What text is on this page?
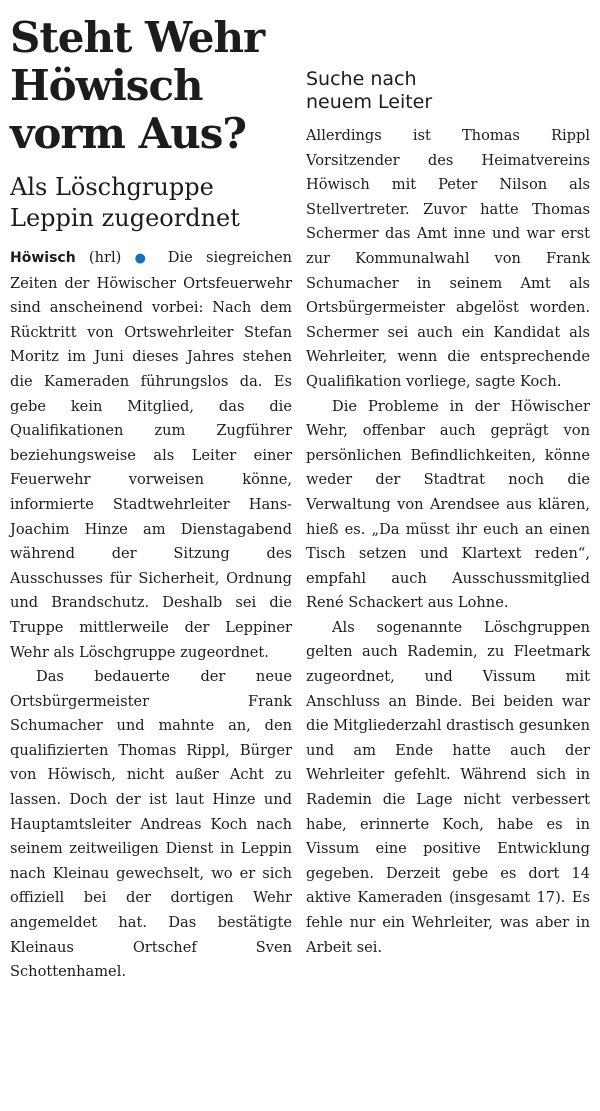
Steht Wehr
Höwisch
vorm Aus?
Als Löschgruppe
Leppin zugeordnet

Höwisch (hrl) ● Die siegreichen Zeiten der Höwischer Ortsfeuerwehr sind anscheinend vorbei: Nach dem Rücktritt von Ortswehrleiter Stefan Moritz im Juni dieses Jahres stehen die Kameraden führungslos da. Es gebe kein Mitglied, das die Qualifikationen zum Zugführer beziehungsweise als Leiter einer Feuerwehr vorweisen könne, informierte Stadtwehrleiter Hans-Joachim Hinze am Dienstagabend während der Sitzung des Ausschusses für Sicherheit, Ordnung und Brandschutz. Deshalb sei die Truppe mittlerweile der Leppiner Wehr als Löschgruppe zugeordnet.

Das bedauerte der neue Ortsbürgermeister Frank Schumacher und mahnte an, den qualifizierten Thomas Rippl, Bürger von Höwisch, nicht außer Acht zu lassen. Doch der ist laut Hinze und Hauptamtsleiter Andreas Koch nach seinem zeitweiligen Dienst in Leppin nach Kleinau gewechselt, wo er sich offiziell bei der dortigen Wehr angemeldet hat. Das bestätigte Kleinaus Ortschef Sven Schottenhamel.

Suche nach
neuem Leiter

Allerdings ist Thomas Rippl Vorsitzender des Heimatvereins Höwisch mit Peter Nilson als Stellvertreter. Zuvor hatte Thomas Schermer das Amt inne und war erst zur Kommunalwahl von Frank Schumacher in seinem Amt als Ortsbürgermeister abgelöst worden. Schermer sei auch ein Kandidat als Wehrleiter, wenn die entsprechende Qualifikation vorliege, sagte Koch.

Die Probleme in der Höwischer Wehr, offenbar auch geprägt von persönlichen Befindlichkeiten, könne weder der Stadtrat noch die Verwaltung von Arendsee aus klären, hieß es. „Da müsst ihr euch an einen Tisch setzen und Klartext reden“, empfahl auch Ausschussmitglied René Schackert aus Lohne.

Als sogenannte Löschgruppen gelten auch Rademin, zu Fleetmark zugeordnet, und Vissum mit Anschluss an Binde. Bei beiden war die Mitgliederzahl drastisch gesunken und am Ende hatte auch der Wehrleiter gefehlt. Während sich in Rademin die Lage nicht verbessert habe, erinnerte Koch, habe es in Vissum eine positive Entwicklung gegeben. Derzeit gebe es dort 14 aktive Kameraden (insgesamt 17). Es fehle nur ein Wehrleiter, was aber in Arbeit sei.
